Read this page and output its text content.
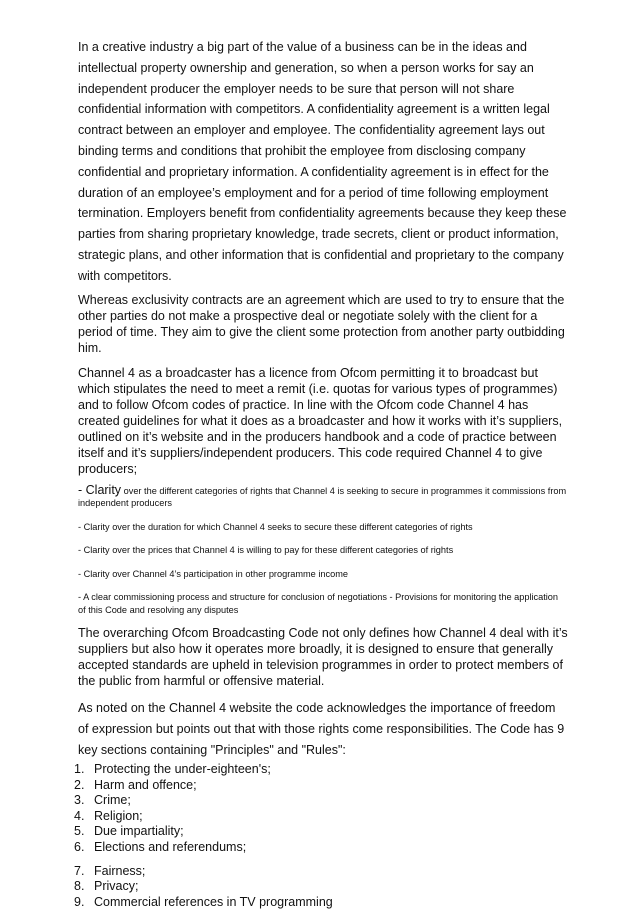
In a creative industry a big part of the value of a business can be in the ideas and intellectual property ownership and generation, so when a person works for say an independent producer the employer needs to be sure that person will not share confidential information with competitors. A confidentiality agreement is a written legal contract between an employer and employee. The confidentiality agreement lays out binding terms and conditions that prohibit the employee from disclosing company confidential and proprietary information. A confidentiality agreement is in effect for the duration of an employee’s employment and for a period of time following employment termination. Employers benefit from confidentiality agreements because they keep these parties from sharing proprietary knowledge, trade secrets, client or product information, strategic plans, and other information that is confidential and proprietary to the company with competitors.

Whereas exclusivity contracts are an agreement which are used to try to ensure that the other parties do not make a prospective deal or negotiate solely with the client for a period of time. They aim to give the client some protection from another party outbidding him.

Channel 4 as a broadcaster has a licence from Ofcom permitting it to broadcast but which stipulates the need to meet a remit (i.e. quotas for various types of programmes) and to follow Ofcom codes of practice. In line with the Ofcom code Channel 4 has created guidelines for what it does as a broadcaster and how it works with it’s suppliers, outlined on it’s website and in the producers handbook and a code of practice between itself and it’s suppliers/independent producers. This code required Channel 4 to give producers;

- Clarity over the different categories of rights that Channel 4 is seeking to secure in programmes it commissions from independent producers

- Clarity over the duration for which Channel 4 seeks to secure these different categories of rights

- Clarity over the prices that Channel 4 is willing to pay for these different categories of rights

- Clarity over Channel 4’s participation in other programme income

- A clear commissioning process and structure for conclusion of negotiations - Provisions for monitoring the application of this Code and resolving any disputes

The overarching Ofcom Broadcasting Code not only defines how Channel 4 deal with it’s suppliers but also how it operates more broadly, it is designed to ensure that generally accepted standards are upheld in television programmes in order to protect members of the public from harmful or offensive material.

As noted on the Channel 4 website the code acknowledges the importance of freedom of expression but points out that with those rights come responsibilities. The Code has 9 key sections containing "Principles" and "Rules":

1. Protecting the under-eighteen's;
2. Harm and offence;
3. Crime;
4. Religion;
5. Due impartiality;
6. Elections and referendums;
7. Fairness;
8. Privacy;
9. Commercial references in TV programming
